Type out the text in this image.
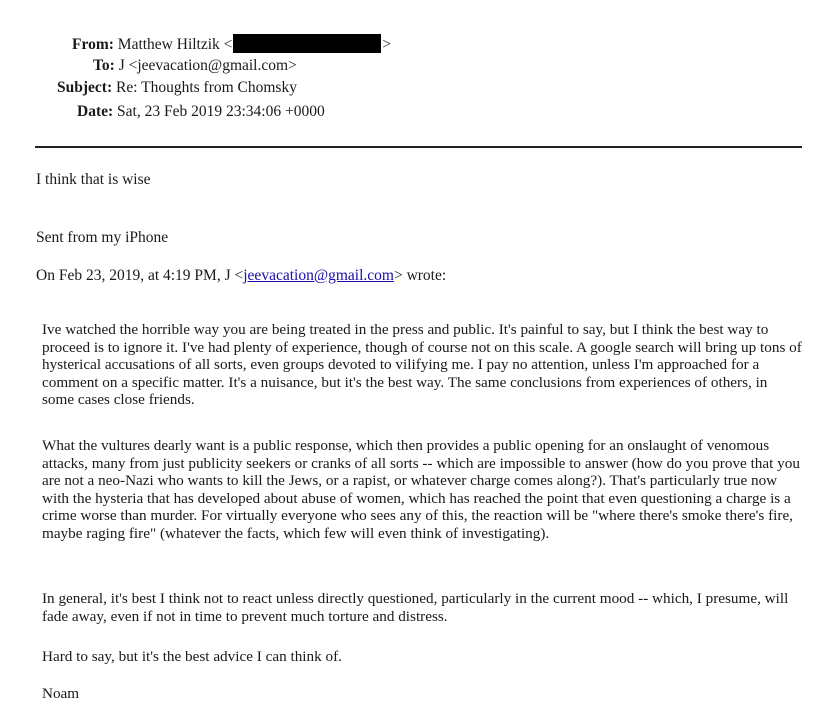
From: Matthew Hiltzik <	>
To: J <jeevacation@gmail.com>
Subject: Re: Thoughts from Chomsky
Date: Sat, 23 Feb 2019 23:34:06 +0000
I think that is wise
Sent from my iPhone
On Feb 23, 2019, at 4:19 PM, J <jeevacation@gmail.com> wrote:

Ive watched the horrible way you are being treated in the press and public. It's painful to say, but I think the best way to proceed is to ignore it. I've had plenty of experience, though of course not on this scale. A google search will bring up tons of hysterical accusations of all sorts, even groups devoted to vilifying me. I pay no attention, unless I'm approached for a comment on a specific matter. It's a nuisance, but it's the best way. The same conclusions from experiences of others, in some cases close friends.

What the vultures dearly want is a public response, which then provides a public opening for an onslaught of venomous attacks, many from just publicity seekers or cranks of all sorts -- which are impossible to answer (how do you prove that you are not a neo-Nazi who wants to kill the Jews, or a rapist, or whatever charge comes along?). That's particularly true now with the hysteria that has developed about abuse of women, which has reached the point that even questioning a charge is a crime worse than murder. For virtually everyone who sees any of this, the reaction will be "where there's smoke there's fire, maybe raging fire" (whatever the facts, which few will even think of investigating).

In general, it's best I think not to react unless directly questioned, particularly in the current mood -- which, I presume, will fade away, even if not in time to prevent much torture and distress.

Hard to say, but it's the best advice I can think of.

Noam
